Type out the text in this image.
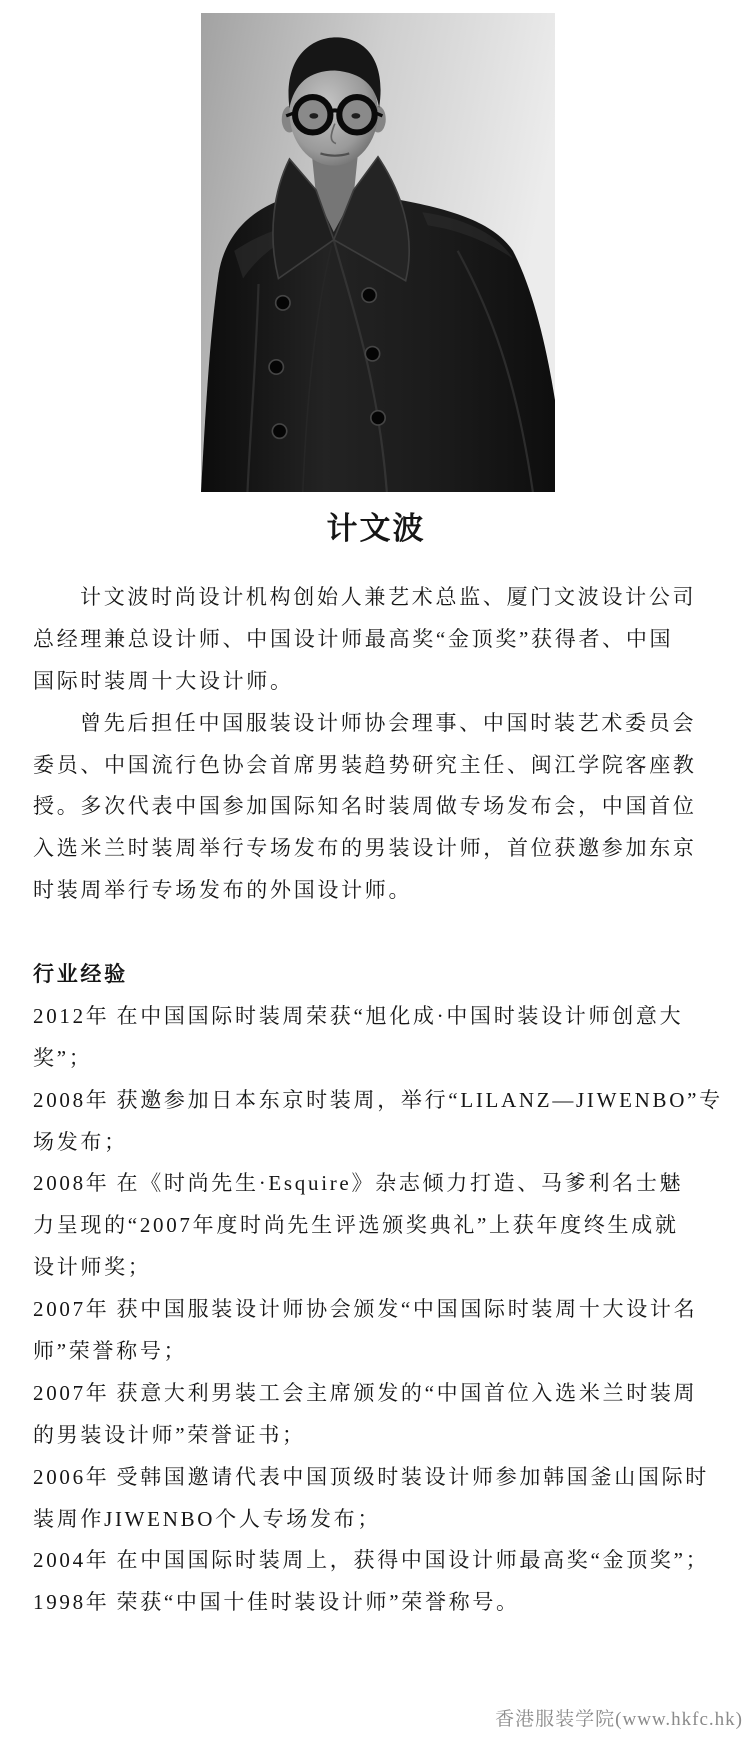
计文波
计文波时尚设计机构创始人兼艺术总监、厦门文波设计公司
总经理兼总设计师、中国设计师最高奖“金顶奖”获得者、中国
国际时装周十大设计师。
曾先后担任中国服装设计师协会理事、中国时装艺术委员会
委员、中国流行色协会首席男装趋势研究主任、闽江学院客座教
授。多次代表中国参加国际知名时装周做专场发布会，中国首位
入选米兰时装周举行专场发布的男装设计师，首位获邀参加东京
时装周举行专场发布的外国设计师。
行业经验
2012年 在中国国际时装周荣获“旭化成·中国时装设计师创意大
奖”；
2008年 获邀参加日本东京时装周，举行“LILANZ—JIWENBO”专
场发布；
2008年 在《时尚先生·Esquire》杂志倾力打造、马爹利名士魅
力呈现的“2007年度时尚先生评选颁奖典礼”上获年度终生成就
设计师奖；
2007年 获中国服装设计师协会颁发“中国国际时装周十大设计名
师”荣誉称号；
2007年 获意大利男装工会主席颁发的“中国首位入选米兰时装周
的男装设计师”荣誉证书；
2006年 受韩国邀请代表中国顶级时装设计师参加韩国釜山国际时
装周作JIWENBO个人专场发布；
2004年 在中国国际时装周上，获得中国设计师最高奖“金顶奖”；
1998年 荣获“中国十佳时装设计师”荣誉称号。
香港服装学院(www.hkfc.hk)
